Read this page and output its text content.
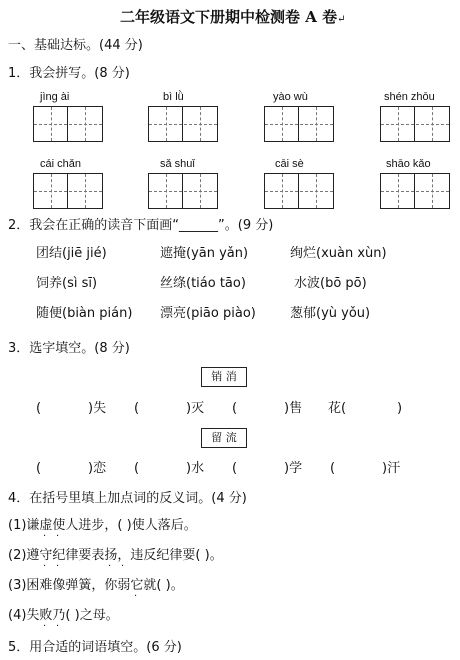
二年级语文下册期中检测卷 A 卷↵
一、基础达标。(44 分)
1．我会拼写。(8 分)
jìng ài	bì lǜ	yào wù	shén zhōu
cái chǎn	sǎ shuǐ	cāi sè	shāo kǎo
2．我会在正确的读音下面画“______”。(9 分)
团结(jiē jié)	遮掩(yān yǎn)	绚烂(xuàn xùn)
饲养(sì sī)	丝绦(tiáo tāo)	水波(bō pō)
随便(biàn pián) 漂亮(piāo piào)	葱郁(yù yǒu)
3．选字填空。(8 分)
销 消
(	)失 (	)灭 (	)售 花(	)
留 流
(	)恋 (	)水 (	)学 (	)汗
4．在括号里填上加点词的反义词。(4 分)
(1)谦虚使人进步，( )使人落后。
· ·
(2)遵守纪律要表扬，违反纪律要( )。
· ·	· ·
(3)困难像弹簧，你弱它就( )。
·
(4)失败乃( )之母。
· ·
5．用合适的词语填空。(6 分)
